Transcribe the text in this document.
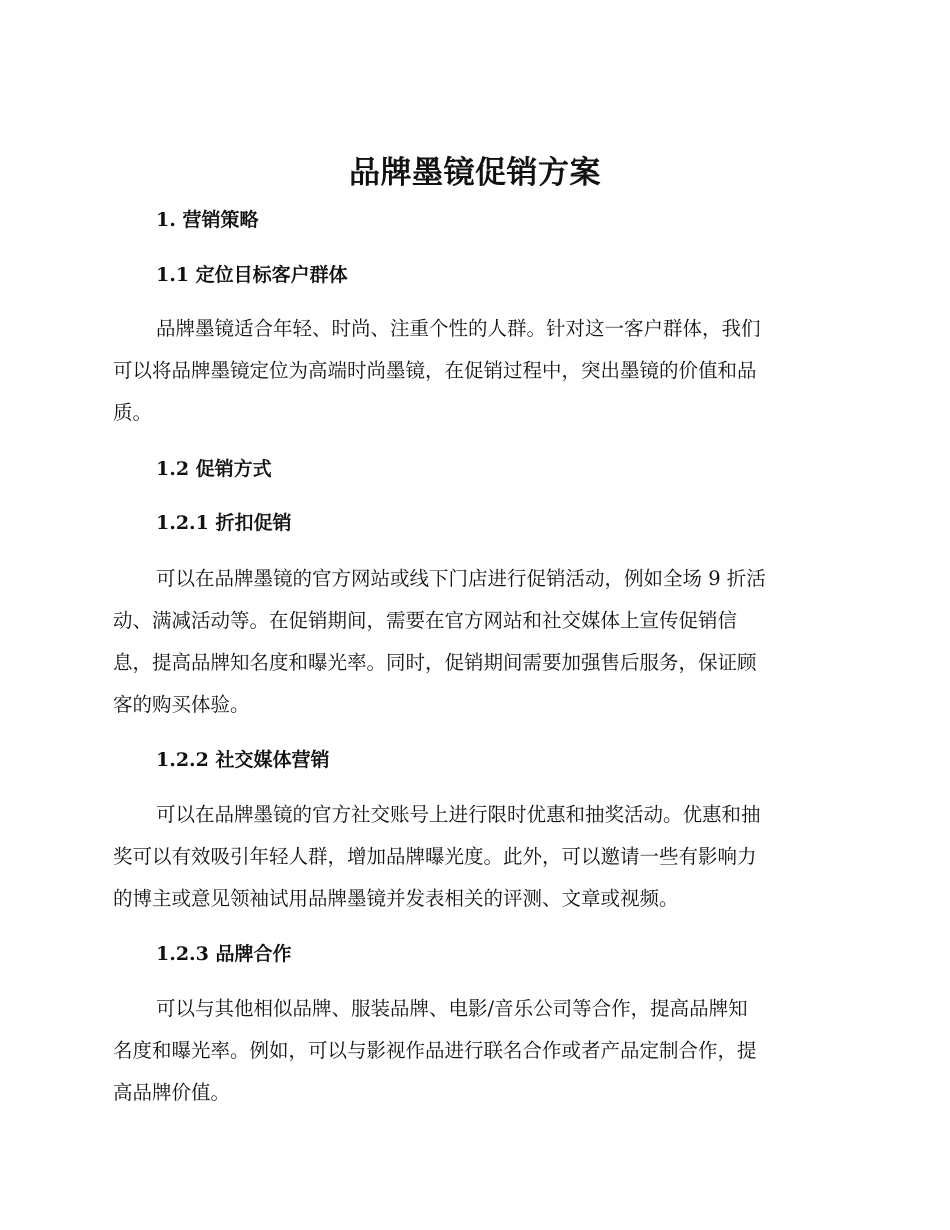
品牌墨镜促销方案
1. 营销策略
1.1 定位目标客户群体
品牌墨镜适合年轻、时尚、注重个性的人群。针对这一客户群体，我们
可以将品牌墨镜定位为高端时尚墨镜，在促销过程中，突出墨镜的价值和品
质。
1.2 促销方式
1.2.1 折扣促销
可以在品牌墨镜的官方网站或线下门店进行促销活动，例如全场 9 折活
动、满减活动等。在促销期间，需要在官方网站和社交媒体上宣传促销信
息，提高品牌知名度和曝光率。同时，促销期间需要加强售后服务，保证顾
客的购买体验。
1.2.2 社交媒体营销
可以在品牌墨镜的官方社交账号上进行限时优惠和抽奖活动。优惠和抽
奖可以有效吸引年轻人群，增加品牌曝光度。此外，可以邀请一些有影响力
的博主或意见领袖试用品牌墨镜并发表相关的评测、文章或视频。
1.2.3 品牌合作
可以与其他相似品牌、服装品牌、电影/音乐公司等合作，提高品牌知
名度和曝光率。例如，可以与影视作品进行联名合作或者产品定制合作，提
高品牌价值。
